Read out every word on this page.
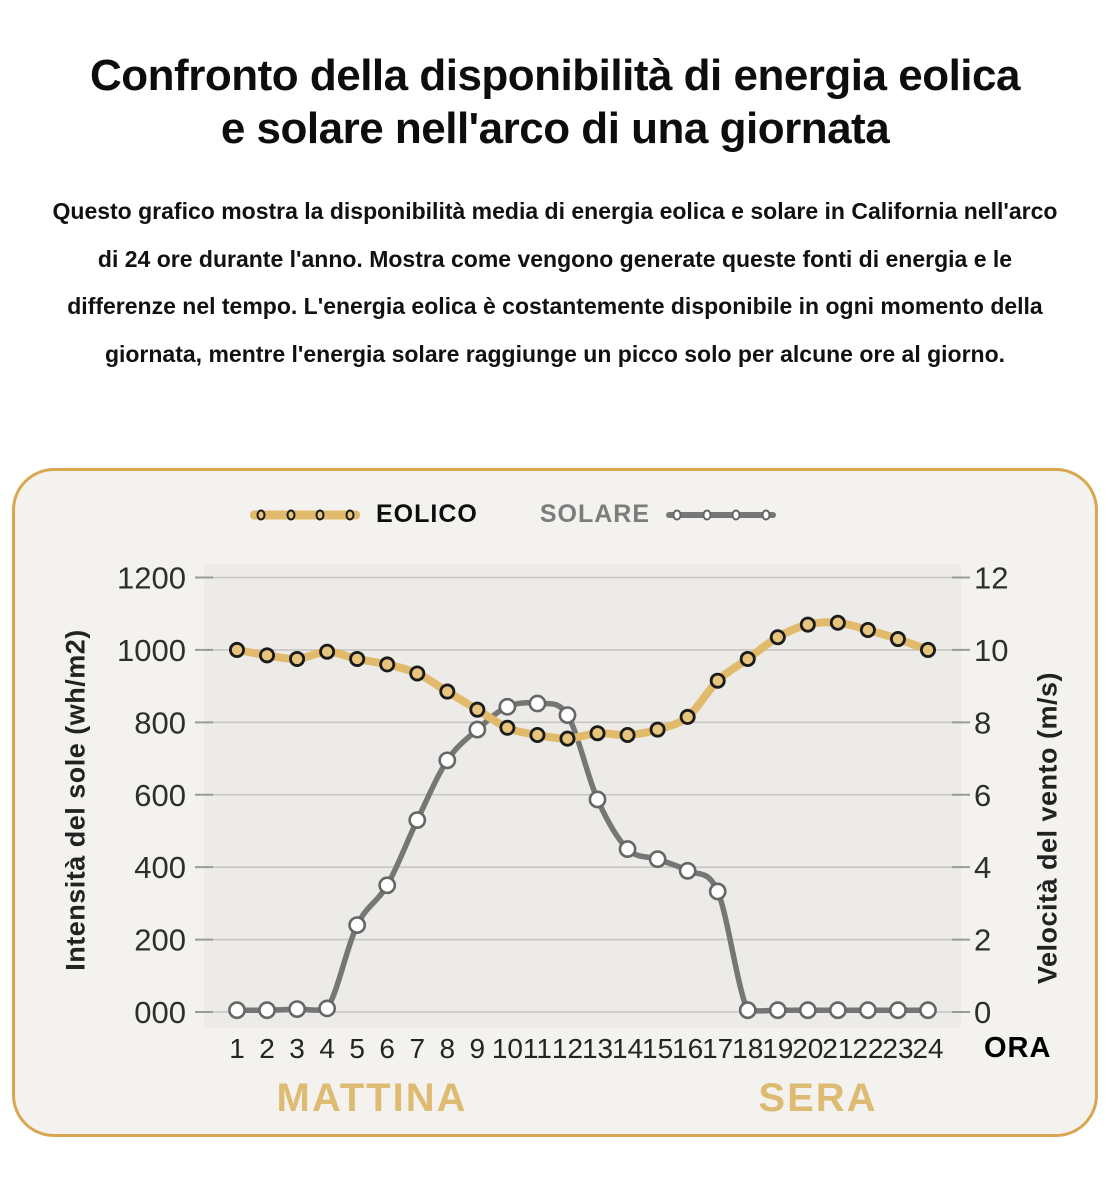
Confronto della disponibilità di energia eolica e solare nell'arco di una giornata

Questo grafico mostra la disponibilità media di energia eolica e solare in California nell'arco di 24 ore durante l'anno. Mostra come vengono generate queste fonti di energia e le differenze nel tempo. L'energia eolica è costantemente disponibile in ogni momento della giornata, mentre l'energia solare raggiunge un picco solo per alcune ore al giorno.

EOLICO SOLARE
1200	12
1000	10
800	8
600	6
400	4
200	2
000	0
1 2 3 4 5 6 7 8 9 10 11 12
13
14
15
16
17
18
19
20
21
22
23
24
Intensità del sole (wh/m2)	Velocità del vento (m/s)
ORA
MATTINA	SERA
